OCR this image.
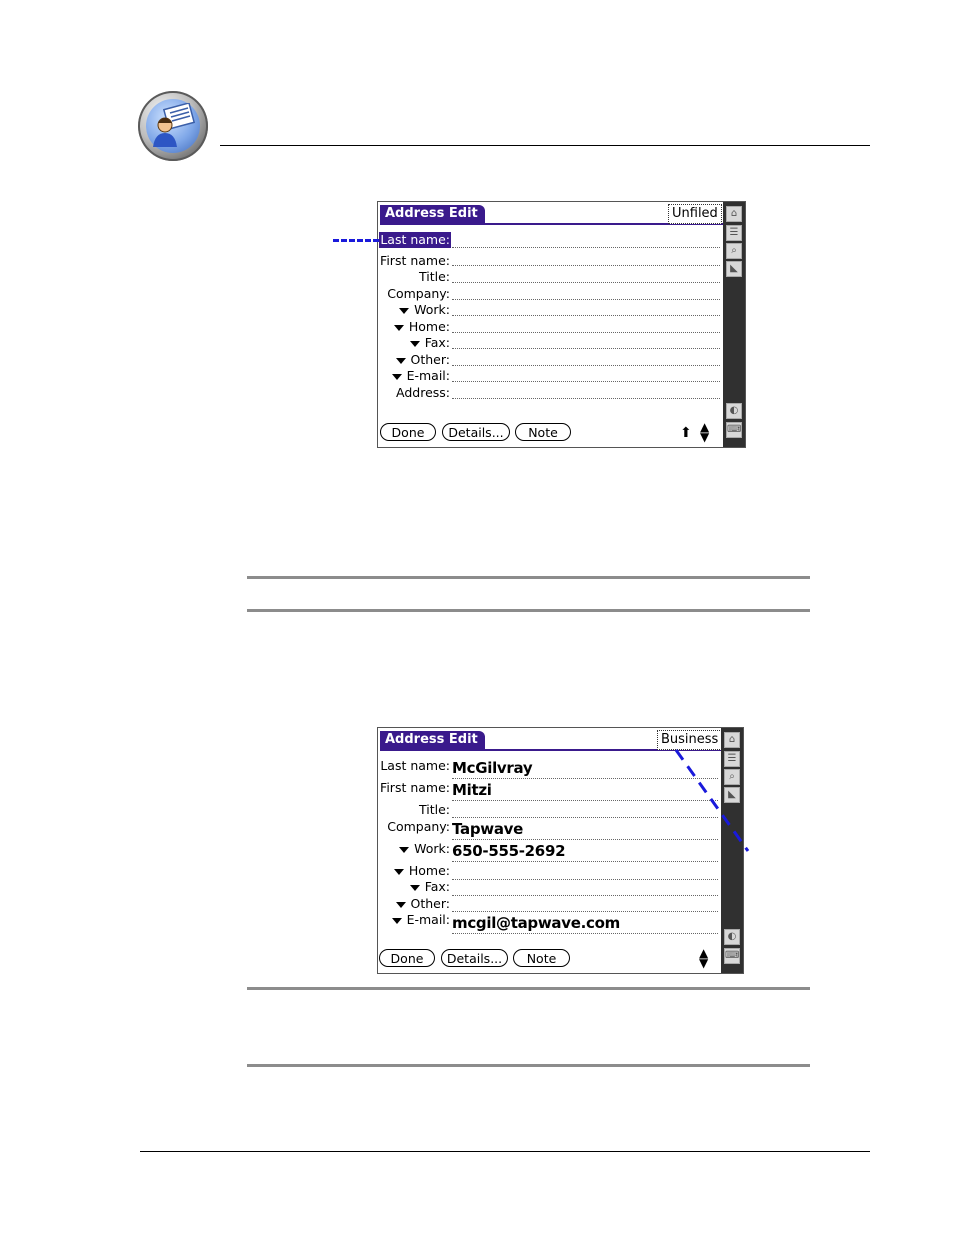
Address Edit	Unfiled	⌂
☰
⌕
◣
◐
⌨
Last name:
First name:
Title:
Company:
Work:
Home:
Fax:
Other:
E-mail:
Address:
Done	Details...	Note	⬆ ▲
▼
Address Edit	Business	⌂
☰
⌕
◣
◐
⌨
Last name: McGilvray
First name: Mitzi
Title:
Company: Tapwave
Work: 650-555-2692
Home:
Fax:
Other:
E-mail: mcgil@tapwave.com
Done	Details...	Note	▲
▼
